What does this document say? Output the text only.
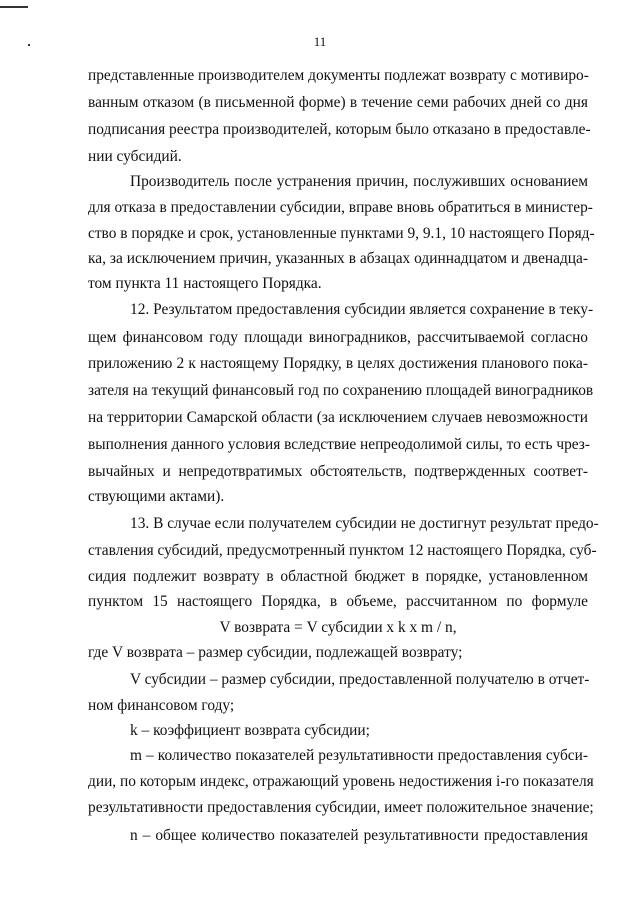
11
представленные производителем документы подлежат возврату с мотивиро-
ванным отказом (в письменной форме) в течение семи рабочих дней со дня
подписания реестра производителей, которым было отказано в предоставле-
нии субсидий.
Производитель после устранения причин, послуживших основанием
для отказа в предоставлении субсидии, вправе вновь обратиться в министер-
ство в порядке и срок, установленные пунктами 9, 9.1, 10 настоящего Поряд-
ка, за исключением причин, указанных в абзацах одиннадцатом и двенадца-
том пункта 11 настоящего Порядка.
12. Результатом предоставления субсидии является сохранение в теку-
щем финансовом году площади виноградников, рассчитываемой согласно
приложению 2 к настоящему Порядку, в целях достижения планового пока-
зателя на текущий финансовый год по сохранению площадей виноградников
на территории Самарской области (за исключением случаев невозможности
выполнения данного условия вследствие непреодолимой силы, то есть чрез-
вычайных и непредотвратимых обстоятельств, подтвержденных соответ-
ствующими актами).
13. В случае если получателем субсидии не достигнут результат предо-
ставления субсидий, предусмотренный пунктом 12 настоящего Порядка, суб-
сидия подлежит возврату в областной бюджет в порядке, установленном
пунктом 15 настоящего Порядка, в объеме, рассчитанном по формуле
V возврата = V субсидии x k x m / n,
где V возврата – размер субсидии, подлежащей возврату;
V субсидии – размер субсидии, предоставленной получателю в отчет-
ном финансовом году;
k – коэффициент возврата субсидии;
m – количество показателей результативности предоставления субси-
дии, по которым индекс, отражающий уровень недостижения i-го показателя
результативности предоставления субсидии, имеет положительное значение;
n – общее количество показателей результативности предоставления
